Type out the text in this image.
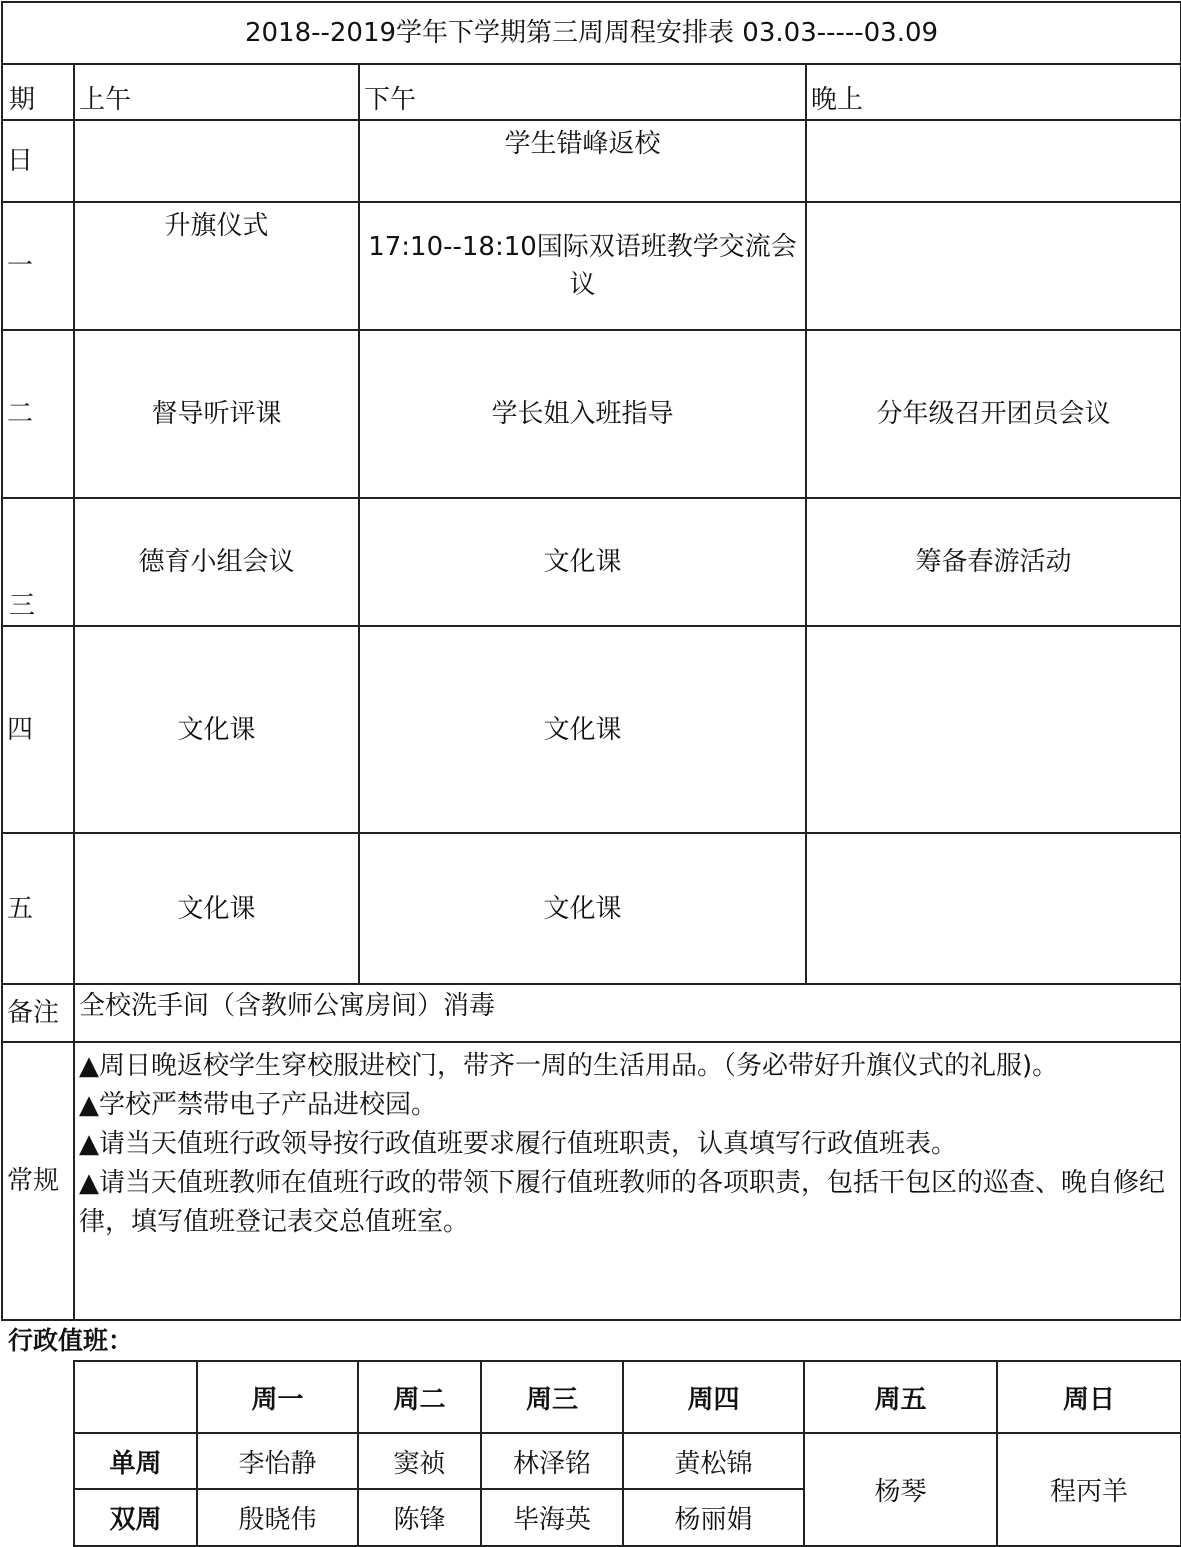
2018--2019学年下学期第三周周程安排表 03.03-----03.09			
期	上午	下午	晚上
日		学生错峰返校	
一	升旗仪式	17:10--18:10国际双语班教学交流会议	
二	督导听评课	学长姐入班指导	分年级召开团员会议
三	德育小组会议	文化课	筹备春游活动
四	文化课	文化课	
五	文化课	文化课	
备注	全校洗手间（含教师公寓房间）消毒		
常规	▲周日晚返校学生穿校服进校门，带齐一周的生活用品。（务必带好升旗仪式的礼服)。
▲学校严禁带电子产品进校园。
▲请当天值班行政领导按行政值班要求履行值班职责，认真填写行政值班表。
▲请当天值班教师在值班行政的带领下履行值班教师的各项职责，包括干包区的巡查、晚自修纪律，填写值班登记表交总值班室。		
行政值班：
	周一	周二	周三	周四	周五	周日
单周	李怡静	窦祯	林泽铭	黄松锦	杨琴	程丙羊
双周	殷晓伟	陈锋	毕海英	杨丽娟		
